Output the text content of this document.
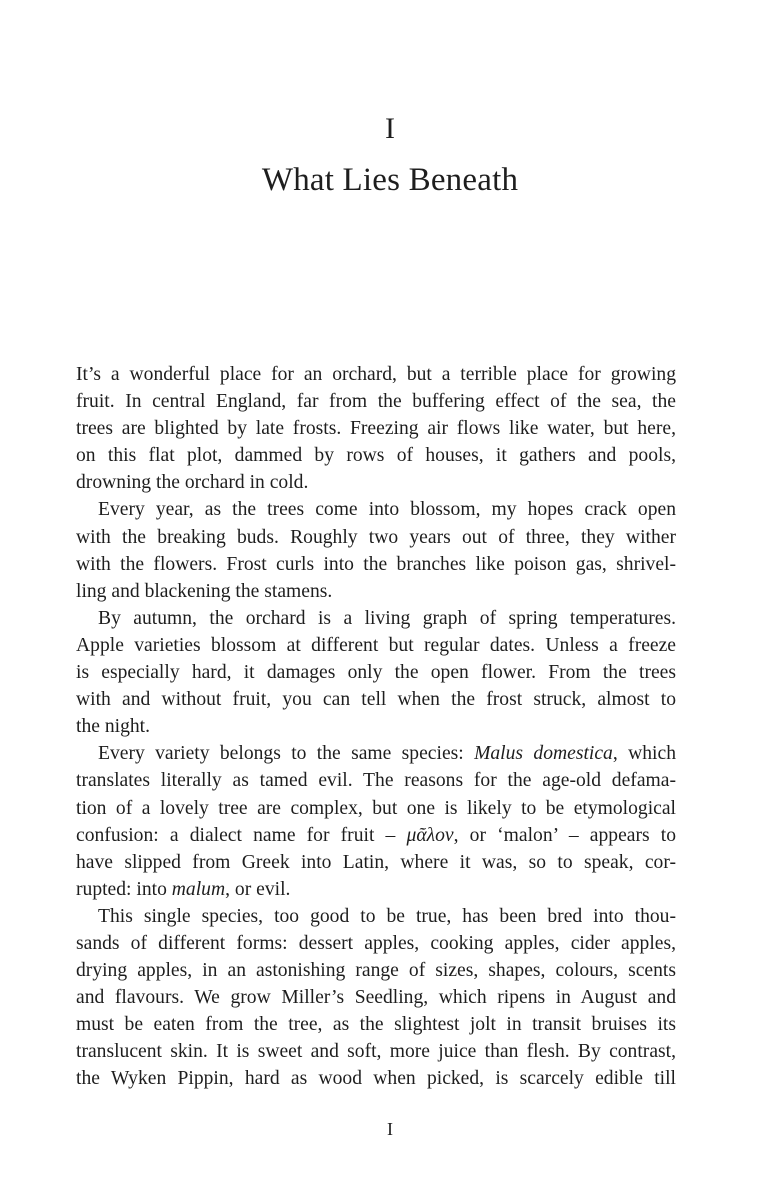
I
What Lies Beneath
It’s a wonderful place for an orchard, but a terrible place for growing
fruit. In central England, far from the buffering effect of the sea, the
trees are blighted by late frosts. Freezing air flows like water, but here,
on this flat plot, dammed by rows of houses, it gathers and pools,
drowning the orchard in cold.
Every year, as the trees come into blossom, my hopes crack open
with the breaking buds. Roughly two years out of three, they wither
with the flowers. Frost curls into the branches like poison gas, shrivel-
ling and blackening the stamens.
By autumn, the orchard is a living graph of spring temperatures.
Apple varieties blossom at different but regular dates. Unless a freeze
is especially hard, it damages only the open flower. From the trees
with and without fruit, you can tell when the frost struck, almost to
the night.
Every variety belongs to the same species: Malus domestica, which
translates literally as tamed evil. The reasons for the age-old defama-
tion of a lovely tree are complex, but one is likely to be etymological
confusion: a dialect name for fruit – μᾶλον, or ‘malon’ – appears to
have slipped from Greek into Latin, where it was, so to speak, cor-
rupted: into malum, or evil.
This single species, too good to be true, has been bred into thou-
sands of different forms: dessert apples, cooking apples, cider apples,
drying apples, in an astonishing range of sizes, shapes, colours, scents
and flavours. We grow Miller’s Seedling, which ripens in August and
must be eaten from the tree, as the slightest jolt in transit bruises its
translucent skin. It is sweet and soft, more juice than flesh. By contrast,
the Wyken Pippin, hard as wood when picked, is scarcely edible till
I
